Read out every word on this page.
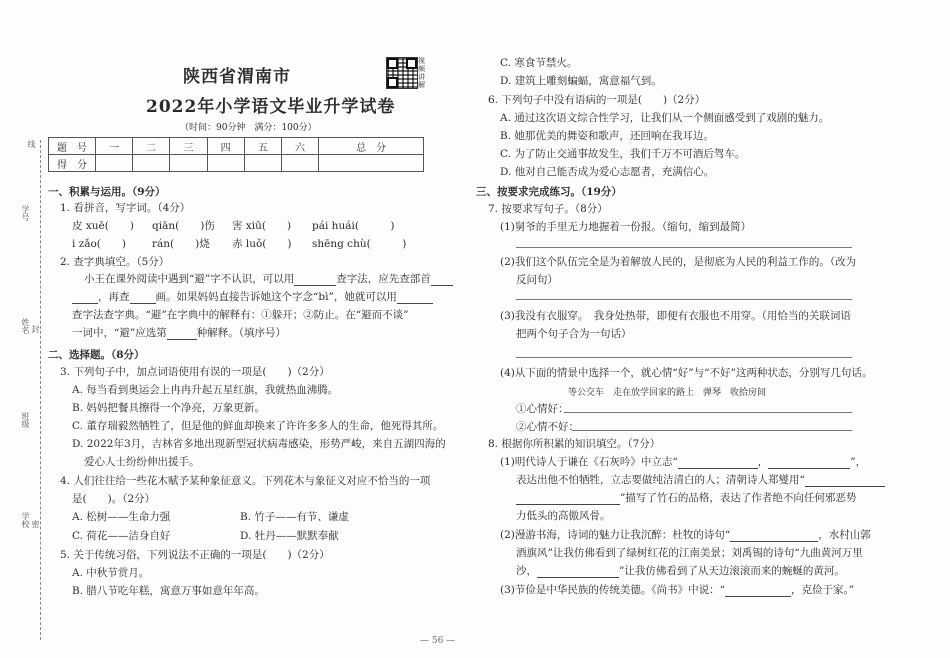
线
学号
姓名 封
班级
学校 密
陕西省渭南市
2022年小学语文毕业升学试卷
（时间：90分钟　满分：100分）
视频讲解
题　号	一	二	三	四	五	六	总　分
得　分							
一、积累与运用。（9分）
1. 看拼音，写字词。（4分）
皮 xuē(　　) qiān(　　)伤 害 xiū(　　) pái huái(　　　)
ⅰ zǎo(　　) rán(　　)烧 赤 luǒ(　　) shēng chù(　　　)
2. 查字典填空。（5分）
小王在课外阅读中遇到“避”字不认识，可以用	查字法，应先查部首
，再查 画。如果妈妈直接告诉她这个字念“bì”，她就可以用
查字法查字典。“避”在字典中的解释有：①躲开；②防止。在“避而不谈”
一词中，“避”应选第	种解释。（填序号）
二、选择题。（8分）
3. 下列句子中，加点词语使用有误的一项是(　　)（2分）
A. 每当看到奥运会上冉冉升起五星红旗，我就热血沸腾。
B. 妈妈把餐具擦得一个净亮，万象更新。
C. 董存瑞毅然牺牲了，但是他的鲜血却换来了许许多多人的生命，他死得其所。
D. 2022年3月，吉林省多地出现新型冠状病毒感染，形势严峻，来自五湖四海的
爱心人士纷纷伸出援手。
4. 人们往往给一些花木赋予某种象征意义。下列花木与象征义对应不恰当的一项
是(　　)。（2分）
A. 松树——生命力强	B. 竹子——有节、谦虚
C. 荷花——洁身自好	D. 牡丹——默默奉献
5. 关于传统习俗，下列说法不正确的一项是(　　)（2分）
A. 中秋节赏月。
B. 腊八节吃年糕，寓意万事如意年年高。
C. 寒食节禁火。
D. 建筑上雕刻蝙蝠，寓意福气到。
6. 下列句子中没有语病的一项是(　　)（2分）
A. 通过这次语文综合性学习，让我们从一个侧面感受到了戏剧的魅力。
B. 她那优美的舞姿和歌声，还回响在我耳边。
C. 为了防止交通事故发生，我们千万不可酒后驾车。
D. 他对自己能否成为爱心志愿者，充满信心。
三、按要求完成练习。（19分）
7. 按要求写句子。（8分）
(1)舅爷的手里无力地握着一份报。（缩句，缩到最简）
(2)我们这个队伍完全是为着解放人民的，是彻底为人民的利益工作的。（改为
反问句）
(3)我没有衣服穿。　我身处热带，即便有衣服也不用穿。（用恰当的关联词语
把两个句子合为一句话）
(4)从下面的情景中选择一个，就心情“好”与“不好”这两种状态，分别写几句话。
等公交车　走在放学回家的路上　弹琴　收拾房间
①心情好：
②心情不好：
8. 根据你所积累的知识填空。（7分）
(1)明代诗人于谦在《石灰吟》中立志“	，	”，
表达出他不怕牺牲，立志要做纯洁清白的人；清朝诗人郑燮用“
”描写了竹石的品格，表达了作者绝不向任何邪恶势
力低头的高傲风骨。
(2)漫游书海，诗词的魅力让我沉醉：杜牧的诗句“	，水村山郭
酒旗风”让我仿佛看到了绿树红花的江南美景；刘禹锡的诗句“九曲黄河万里
沙，	”让我仿佛看到了从天边滚滚而来的蜿蜒的黄河。
(3)节俭是中华民族的传统美德。《尚书》中说：“	，克俭于家。”
— 56 —
